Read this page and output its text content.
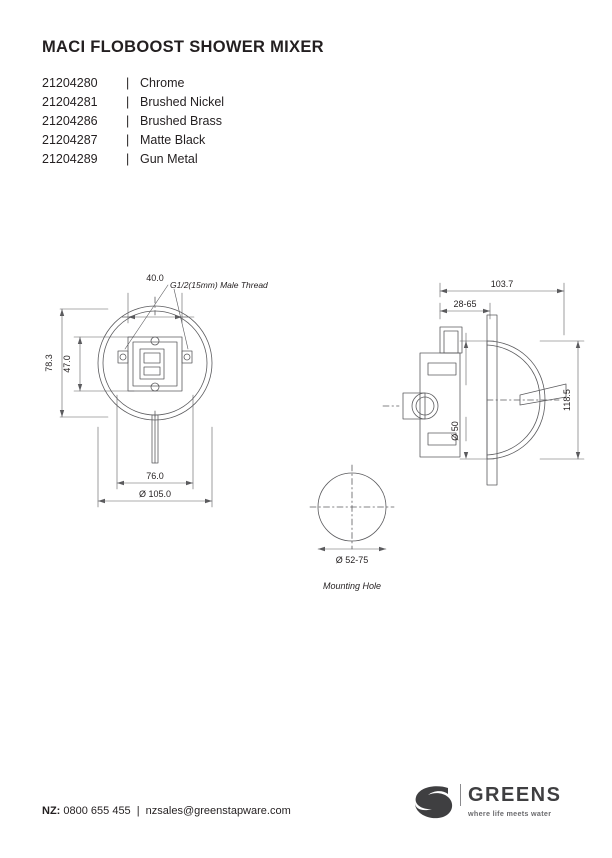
MACI FLOBOOST SHOWER MIXER
21204280 | Chrome
21204281 | Brushed Nickel
21204286 | Brushed Brass
21204287 | Matte Black
21204289 | Gun Metal
40.0
G1/2(15mm) Male Thread
78.3 47.0
76.0
Ø 105.0
103.7
28-65
Ø 50
118.5
Ø 52-75
Mounting Hole
NZ: 0800 655 455 | nzsales@greenstapware.com
GREENS
where life meets water
